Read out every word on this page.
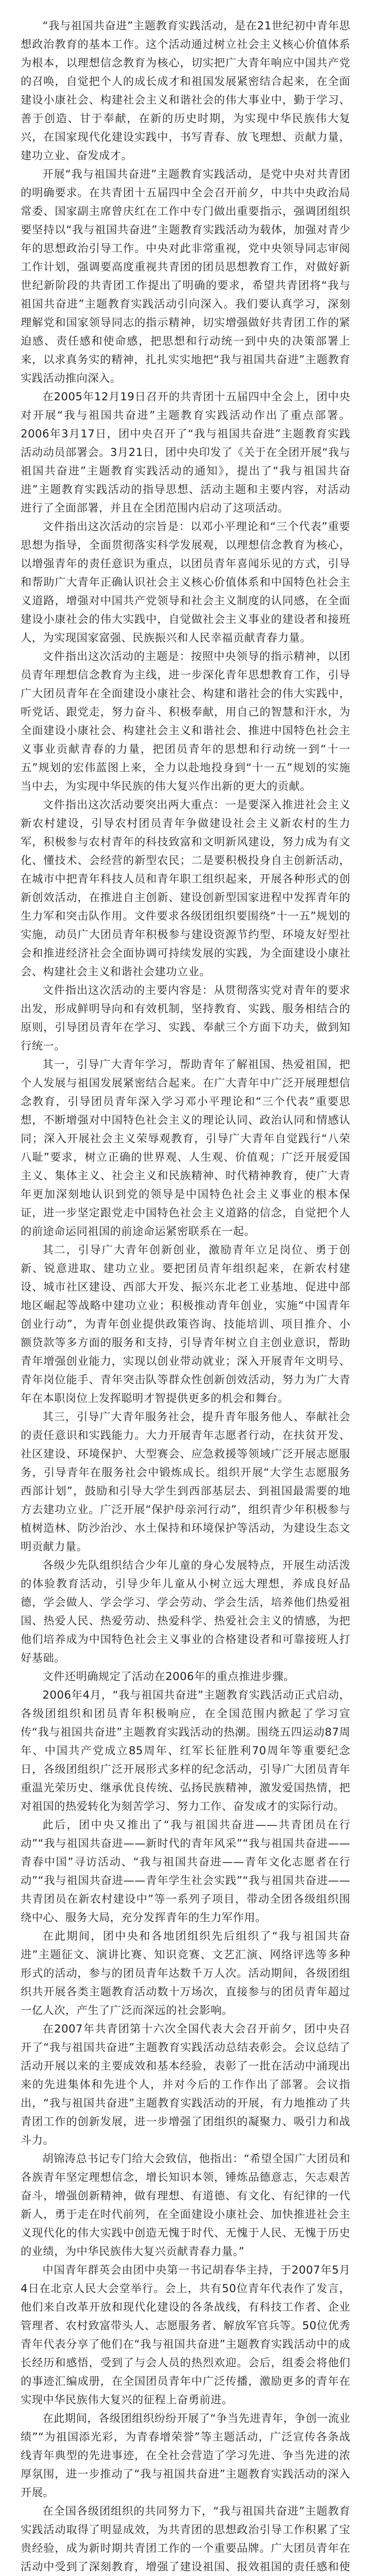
“我与祖国共奋进”主题教育实践活动，是在21世纪初中青年思想政治教育的基本工作。这个活动通过树立社会主义核心价值体系为根本，以理想信念教育为核心，切实把广大青年响应中国共产党的召唤，自觉把个人的成长成才和祖国发展紧密结合起来，在全面建设小康社会、构建社会主义和谐社会的伟大事业中，勤于学习、善于创造、甘于奉献，在新的历史时期，为实现中华民族伟大复兴，在国家现代化建设实践中，书写青春、放飞理想、贡献力量，建功立业、奋发成才。

开展“我与祖国共奋进”主题教育实践活动，是党中央对共青团的明确要求。在共青团十五届四中全会召开前夕，中共中央政治局常委、国家副主席曾庆红在工作中专门做出重要指示，强调团组织要坚持以“我与祖国共奋进”主题教育实践活动为载体，加强对青少年的思想政治引导工作。中央对此非常重视，党中央领导同志审阅工作计划，强调要高度重视共青团的团员思想教育工作，对做好新世纪新阶段的共青团工作提出了明确的要求，希望共青团将“我与祖国共奋进”主题教育实践活动引向深入。我们要认真学习，深刻理解党和国家领导同志的指示精神，切实增强做好共青团工作的紧迫感、责任感和使命感，把思想和行动统一到中央的决策部署上来，以求真务实的精神，扎扎实实地把“我与祖国共奋进”主题教育实践活动推向深入。

在2005年12月19日召开的共青团十五届四中全会上，团中央对开展“我与祖国共奋进”主题教育实践活动作出了重点部署。2006年3月17日，团中央召开了“我与祖国共奋进”主题教育实践活动动员部署会。3月21日，团中央印发了《关于在全团开展“我与祖国共奋进”主题教育实践活动的通知》，提出了“我与祖国共奋进”主题教育实践活动的指导思想、活动主题和主要内容，对活动进行了全面部署，并且在全团范围内启动了这项活动。

文件指出这次活动的宗旨是：以邓小平理论和“三个代表”重要思想为指导，全面贯彻落实科学发展观，以理想信念教育为核心，以增强青年的责任意识为重点，以团员青年喜闻乐见的方式，引导和帮助广大青年正确认识社会主义核心价值体系和中国特色社会主义道路，增强对中国共产党领导和社会主义制度的认同感，在全面建设小康社会的伟大实践中，自觉做社会主义事业的建设者和接班人，为实现国家富强、民族振兴和人民幸福贡献青春力量。

文件指出这次活动的主题是：按照中央领导的指示精神，以团员青年理想信念教育为主线，进一步深化青年思想教育工作，引导广大团员青年在全面建设小康社会、构建和谐社会的伟大实践中，听党话、跟党走，努力奋斗、积极奉献，用自己的智慧和汗水，为全面建设小康社会、构建社会主义和谐社会、推进中国特色社会主义事业贡献青春的力量，把团员青年的思想和行动统一到“十一五”规划的宏伟蓝图上来，全力以赴地投身到“十一五”规划的实施当中去，为实现中华民族的伟大复兴作出新的更大的贡献。

文件指出这次活动要突出两大重点：一是要深入推进社会主义新农村建设，引导农村团员青年争做建设社会主义新农村的生力军，积极参与农村青年的科技致富和文明新风建设，努力成为有文化、懂技术、会经营的新型农民；二是要积极投身自主创新活动，在城市中把青年科技人员和青年职工组织起来，开展各种形式的创新创效活动，在推进自主创新、建设创新型国家进程中发挥青年的生力军和突击队作用。文件要求各级团组织要围绕“十一五”规划的实施，动员广大团员青年积极参与建设资源节约型、环境友好型社会和推进经济社会全面协调可持续发展的实践，为全面建设小康社会、构建社会主义和谐社会建功立业。

文件指出这次活动的主要内容是：从贯彻落实党对青年的要求出发，形成鲜明导向和有效机制，坚持教育、实践、服务相结合的原则，引导团员青年在学习、实践、奉献三个方面下功夫，做到知行统一。

其一，引导广大青年学习，帮助青年了解祖国、热爱祖国，把个人发展与祖国发展紧密结合起来。在广大青年中广泛开展理想信念教育，引导团员青年深入学习邓小平理论和“三个代表”重要思想，不断增强对中国特色社会主义的理论认同、政治认同和情感认同；深入开展社会主义荣辱观教育，引导广大青年自觉践行“八荣八耻”要求，树立正确的世界观、人生观、价值观；广泛开展爱国主义、集体主义、社会主义和民族精神、时代精神教育，使广大青年更加深刻地认识到党的领导是中国特色社会主义事业的根本保证，进一步坚定跟党走中国特色社会主义道路的信念，自觉把个人的前途命运同祖国的前途命运紧密联系在一起。

其二，引导广大青年创新创业，激励青年立足岗位、勇于创新、锐意进取、建功立业。要把团员青年组织起来，在新农村建设、城市社区建设、西部大开发、振兴东北老工业基地、促进中部地区崛起等战略中建功立业；积极推动青年创业，实施“中国青年创业行动”，为青年创业提供政策咨询、技能培训、项目推介、小额贷款等多方面的服务和支持，引导青年树立自主创业意识，帮助青年增强创业能力，实现以创业带动就业；深入开展青年文明号、青年岗位能手、青年突击队等群众性创新创效活动，努力为广大青年在本职岗位上发挥聪明才智提供更多的机会和舞台。

其三，引导广大青年服务社会，提升青年服务他人、奉献社会的责任意识和实践能力。大力开展青年志愿者行动，在扶贫开发、社区建设、环境保护、大型赛会、应急救援等领域广泛开展志愿服务，引导青年在服务社会中锻炼成长。组织开展“大学生志愿服务西部计划”，鼓励和引导大学生到西部基层去、到祖国最需要的地方去建功立业。广泛开展“保护母亲河行动”，组织青少年积极参与植树造林、防沙治沙、水土保持和环境保护等活动，为建设生态文明贡献力量。

各级少先队组织结合少年儿童的身心发展特点，开展生动活泼的体验教育活动，引导少年儿童从小树立远大理想，养成良好品德，学会做人、学会学习、学会劳动、学会生活，培养他们热爱祖国、热爱人民、热爱劳动、热爱科学、热爱社会主义的情感，为把他们培养成为中国特色社会主义事业的合格建设者和可靠接班人打好基础。

文件还明确规定了活动在2006年的重点推进步骤。

2006年4月，“我与祖国共奋进”主题教育实践活动正式启动，各级团组织和团员青年积极响应，在全国范围内掀起了学习宣传“我与祖国共奋进”主题教育实践活动的热潮。围绕五四运动87周年、中国共产党成立85周年、红军长征胜利70周年等重要纪念日，各级团组织广泛开展形式多样的纪念活动，引导广大团员青年重温光荣历史、继承优良传统、弘扬民族精神，激发爱国热情，把对祖国的热爱转化为刻苦学习、努力工作、奋发成才的实际行动。

此后，团中央又推出了“我与祖国共奋进——共青团员在行动”“我与祖国共奋进——新时代的青年风采”“我与祖国共奋进——青春中国”寻访活动、“我与祖国共奋进——青年文化志愿者在行动”“我与祖国共奋进——青年学生社会实践”“我与祖国共奋进——共青团员在新农村建设中”等一系列子项目，带动全团各级组织围绕中心、服务大局，充分发挥青年的生力军作用。

在此期间，团中央和各地团组织先后组织了“我与祖国共奋进”主题征文、演讲比赛、知识竞赛、文艺汇演、网络评选等多种形式的活动，参与的团员青年达数千万人次。活动期间，各级团组织共开展各类主题教育活动数十万场次，直接参与的团员青年超过一亿人次，产生了广泛而深远的社会影响。

在2007年共青团第十六次全国代表大会召开前夕，团中央召开了“我与祖国共奋进”主题教育实践活动总结表彰会。会议总结了活动开展以来的主要成效和基本经验，表彰了一批在活动中涌现出来的先进集体和先进个人，并对今后的工作作出了部署。会议指出，“我与祖国共奋进”主题教育实践活动的开展，有力地推动了共青团工作的创新发展，进一步增强了团组织的凝聚力、吸引力和战斗力。

胡锦涛总书记专门给大会致信，他指出：“希望全国广大团员和各族青年坚定理想信念，增长知识本领，锤炼品德意志，矢志艰苦奋斗，增强创新精神，做有理想、有道德、有文化、有纪律的一代新人，勇于走在时代前列，在全面建设小康社会、加快推进社会主义现代化的伟大实践中创造无愧于时代、无愧于人民、无愧于历史的业绩，为中华民族伟大复兴贡献青春力量。”

中国青年群英会由团中央第一书记胡春华主持，于2007年5月4日在北京人民大会堂举行。会上，共有50位青年代表作了发言，他们来自改革开放和现代化建设的各条战线，有科技工作者、企业管理者、农村致富带头人、志愿服务者、解放军官兵等。50位优秀青年代表分享了他们在“我与祖国共奋进”主题教育实践活动中的成长经历和感悟，受到了与会人员的热烈欢迎。会后，组委会将他们的事迹汇编成册，在全国团员青年中广泛传播，激励更多的青年在实现中华民族伟大复兴的征程上奋勇前进。

在此期间，各级团组织纷纷开展了“争当先进青年，争创一流业绩”“为祖国添光彩，为青春增荣誉”等主题活动，广泛宣传各条战线青年典型的先进事迹，在全社会营造了学习先进、争当先进的浓厚氛围，进一步推动了“我与祖国共奋进”主题教育实践活动的深入开展。

在全国各级团组织的共同努力下，“我与祖国共奋进”主题教育实践活动取得了明显成效，为共青团的思想政治引导工作积累了宝贵经验，成为新时期共青团工作的一个重要品牌。广大团员青年在活动中受到了深刻教育，增强了建设祖国、报效祖国的责任感和使
